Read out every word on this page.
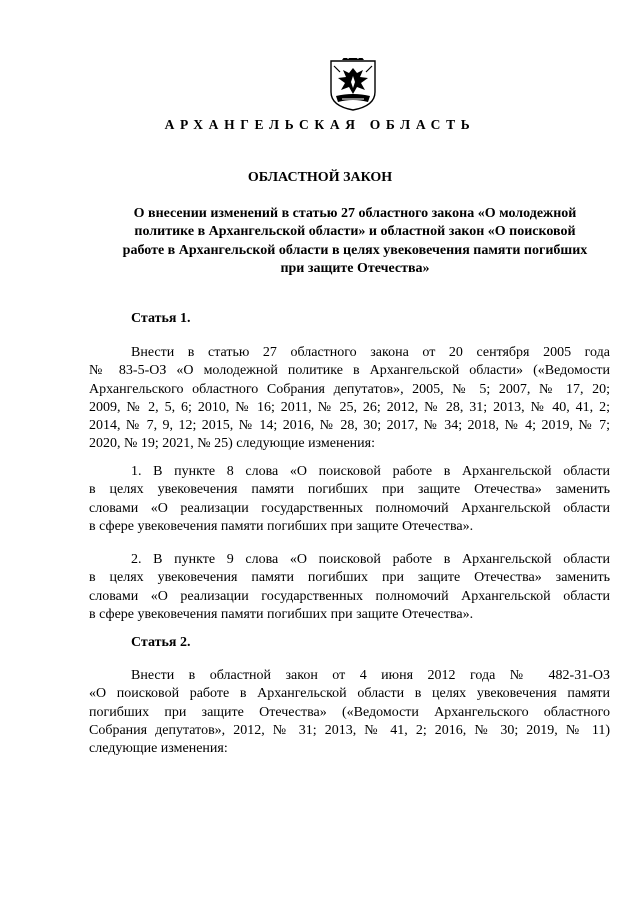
АРХАНГЕЛЬСКАЯ ОБЛАСТЬ
ОБЛАСТНОЙ ЗАКОН
О внесении изменений в статью 27 областного закона «О молодежной
политике в Архангельской области» и областной закон «О поисковой
работе в Архангельской области в целях увековечения памяти погибших
при защите Отечества»
Статья 1.

Внести в статью 27 областного закона от 20 сентября 2005 года
№ 83-5-ОЗ «О молодежной политике в Архангельской области» («Ведомости
Архангельского областного Собрания депутатов», 2005, № 5; 2007, № 17, 20;
2009, № 2, 5, 6; 2010, № 16; 2011, № 25, 26; 2012, № 28, 31; 2013, № 40, 41, 2;
2014, № 7, 9, 12; 2015, № 14; 2016, № 28, 30; 2017, № 34; 2018, № 4; 2019, № 7;
2020, № 19; 2021, № 25) следующие изменения:

1. В пункте 8 слова «О поисковой работе в Архангельской области
в целях увековечения памяти погибших при защите Отечества» заменить
словами «О реализации государственных полномочий Архангельской области
в сфере увековечения памяти погибших при защите Отечества».

2. В пункте 9 слова «О поисковой работе в Архангельской области
в целях увековечения памяти погибших при защите Отечества» заменить
словами «О реализации государственных полномочий Архангельской области
в сфере увековечения памяти погибших при защите Отечества».

Статья 2.

Внести в областной закон от 4 июня 2012 года № 482-31-ОЗ
«О поисковой работе в Архангельской области в целях увековечения памяти
погибших при защите Отечества» («Ведомости Архангельского областного
Собрания депутатов», 2012, № 31; 2013, № 41, 2; 2016, № 30; 2019, № 11)
следующие изменения:
